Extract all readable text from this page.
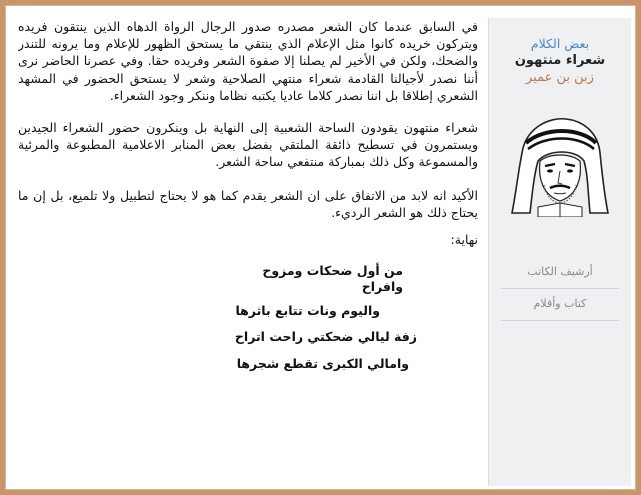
في السابق عندما كان الشعر مصدره صدور الرجال الرواة الدهاه الذين ينتقون فريده ويتركون خريده كانوا مثل الإعلام الذي ينتقي ما يستحق الظهور للإعلام وما يرونه للتندر والضحك، ولكن في الأخير لم يصلنا إلا صفوة الشعر وفريده حقا. وفي عصرنا الحاضر نرى أننا نصدر لأجيالنا القادمة شعراء منتهي الصلاحية وشعر لا يستحق الحضور في المشهد الشعري إطلاقا بل اننا نصدر كلاما عاديا يكتبه نظاما وننكر وجود الشعراء.

شعراء منتهون يقودون الساحة الشعبية إلى النهاية بل وينكرون حضور الشعراء الجيدين ويستمرون في تسطيح ذائقة الملتقي بفضل بعض المنابر الاعلامية المطبوعة والمرئية والمسموعة وكل ذلك بمباركة منتفعي ساحة الشعر.

الأكيد انه لابد من الاتفاق على ان الشعر يقدم كما هو لا يحتاج لتطبيل ولا تلميع، بل إن ما يحتاج ذلك هو الشعر الرديء.

نهاية:
من أول ضحكات ومزوح
وافراح
واليوم ونات تتابع باثرها
زفة ليالي ضحكتي راحت اتراح
وامالي الكبرى تقطع شجرها
بعض الكلام
شعراء منتهون
زبن بن عمير
أرشيف الكاتب
كتاب وأقلام
